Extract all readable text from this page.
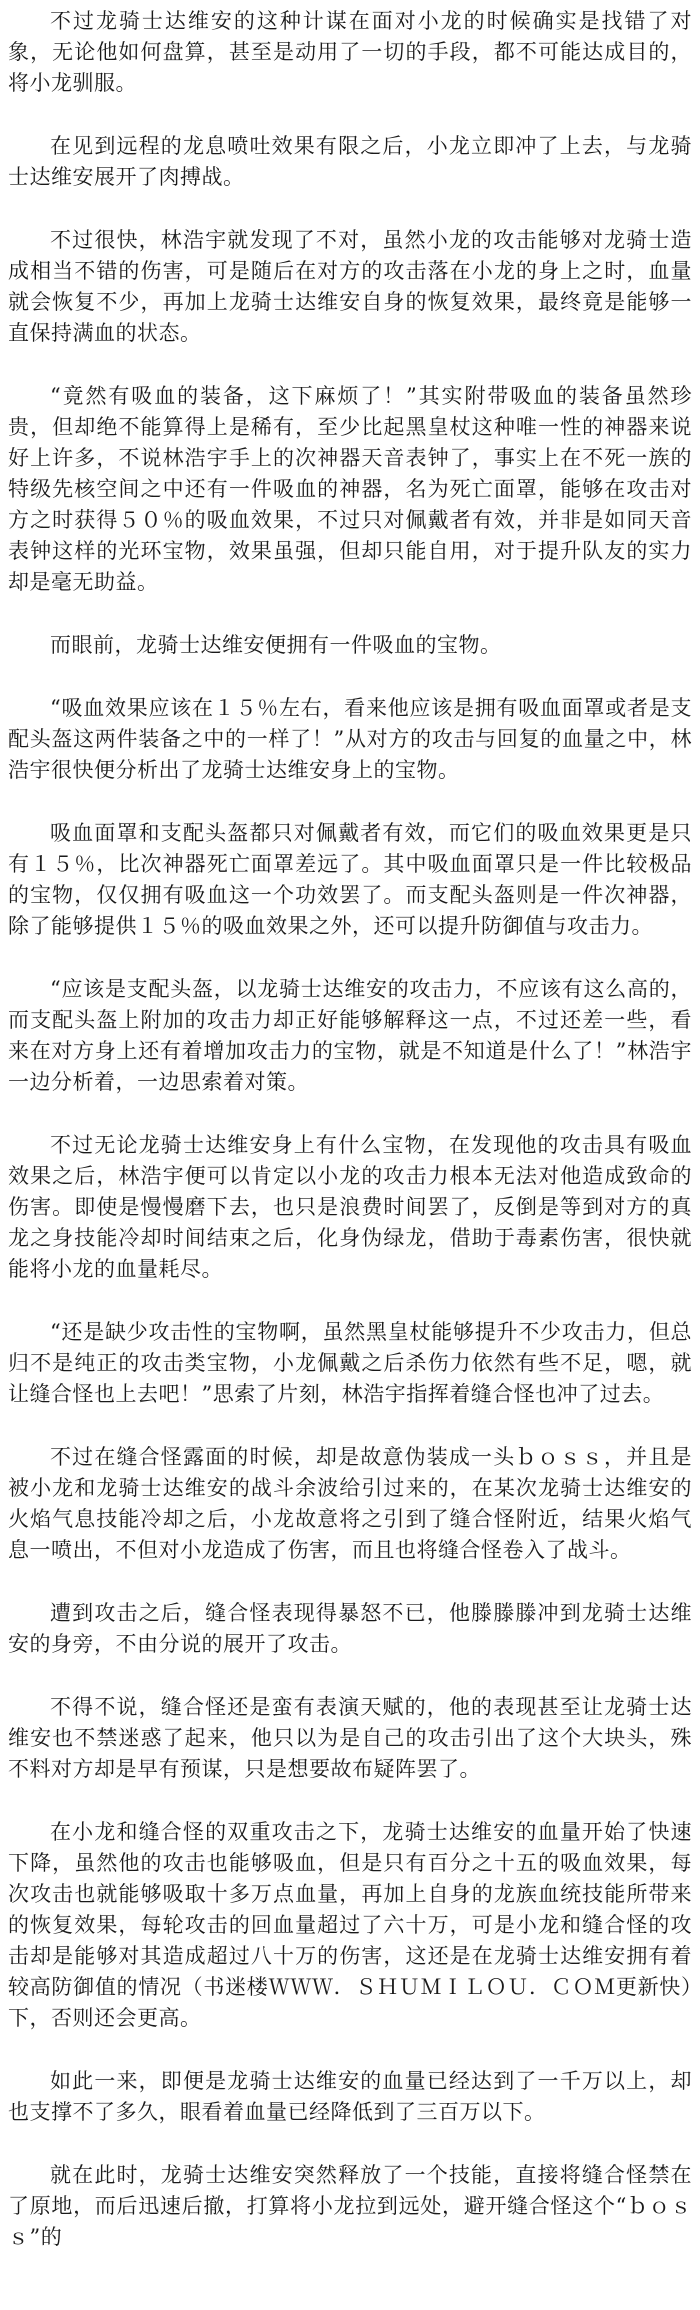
不过龙骑士达维安的这种计谋在面对小龙的时候确实是找错了对象，无论他如何盘算，甚至是动用了一切的手段，都不可能达成目的，将小龙驯服。

在见到远程的龙息喷吐效果有限之后，小龙立即冲了上去，与龙骑士达维安展开了肉搏战。

不过很快，林浩宇就发现了不对，虽然小龙的攻击能够对龙骑士造成相当不错的伤害，可是随后在对方的攻击落在小龙的身上之时，血量就会恢复不少，再加上龙骑士达维安自身的恢复效果，最终竟是能够一直保持满血的状态。

“竟然有吸血的装备，这下麻烦了！”其实附带吸血的装备虽然珍贵，但却绝不能算得上是稀有，至少比起黑皇杖这种唯一性的神器来说好上许多，不说林浩宇手上的次神器天音表钟了，事实上在不死一族的特级先核空间之中还有一件吸血的神器，名为死亡面罩，能够在攻击对方之时获得５０％的吸血效果，不过只对佩戴者有效，并非是如同天音表钟这样的光环宝物，效果虽强，但却只能自用，对于提升队友的实力却是毫无助益。

而眼前，龙骑士达维安便拥有一件吸血的宝物。

“吸血效果应该在１５％左右，看来他应该是拥有吸血面罩或者是支配头盔这两件装备之中的一样了！”从对方的攻击与回复的血量之中，林浩宇很快便分析出了龙骑士达维安身上的宝物。

吸血面罩和支配头盔都只对佩戴者有效，而它们的吸血效果更是只有１５％，比次神器死亡面罩差远了。其中吸血面罩只是一件比较极品的宝物，仅仅拥有吸血这一个功效罢了。而支配头盔则是一件次神器，除了能够提供１５％的吸血效果之外，还可以提升防御值与攻击力。

“应该是支配头盔，以龙骑士达维安的攻击力，不应该有这么高的，而支配头盔上附加的攻击力却正好能够解释这一点，不过还差一些，看来在对方身上还有着增加攻击力的宝物，就是不知道是什么了！”林浩宇一边分析着，一边思索着对策。

不过无论龙骑士达维安身上有什么宝物，在发现他的攻击具有吸血效果之后，林浩宇便可以肯定以小龙的攻击力根本无法对他造成致命的伤害。即使是慢慢磨下去，也只是浪费时间罢了，反倒是等到对方的真龙之身技能冷却时间结束之后，化身伪绿龙，借助于毒素伤害，很快就能将小龙的血量耗尽。

“还是缺少攻击性的宝物啊，虽然黑皇杖能够提升不少攻击力，但总归不是纯正的攻击类宝物，小龙佩戴之后杀伤力依然有些不足，嗯，就让缝合怪也上去吧！”思索了片刻，林浩宇指挥着缝合怪也冲了过去。

不过在缝合怪露面的时候，却是故意伪装成一头ｂｏｓｓ，并且是被小龙和龙骑士达维安的战斗余波给引过来的，在某次龙骑士达维安的火焰气息技能冷却之后，小龙故意将之引到了缝合怪附近，结果火焰气息一喷出，不但对小龙造成了伤害，而且也将缝合怪卷入了战斗。

遭到攻击之后，缝合怪表现得暴怒不已，他滕滕滕冲到龙骑士达维安的身旁，不由分说的展开了攻击。

不得不说，缝合怪还是蛮有表演天赋的，他的表现甚至让龙骑士达维安也不禁迷惑了起来，他只以为是自己的攻击引出了这个大块头，殊不料对方却是早有预谋，只是想要故布疑阵罢了。

在小龙和缝合怪的双重攻击之下，龙骑士达维安的血量开始了快速下降，虽然他的攻击也能够吸血，但是只有百分之十五的吸血效果，每次攻击也就能够吸取十多万点血量，再加上自身的龙族血统技能所带来的恢复效果，每轮攻击的回血量超过了六十万，可是小龙和缝合怪的攻击却是能够对其造成超过八十万的伤害，这还是在龙骑士达维安拥有着较高防御值的情况（书迷楼ＷＷＷ．ＳＨＵＭＩＬＯＵ．ＣＯＭ更新快）下，否则还会更高。

如此一来，即便是龙骑士达维安的血量已经达到了一千万以上，却也支撑不了多久，眼看着血量已经降低到了三百万以下。

就在此时，龙骑士达维安突然释放了一个技能，直接将缝合怪禁在了原地，而后迅速后撤，打算将小龙拉到远处，避开缝合怪这个“ｂｏｓｓ”的
